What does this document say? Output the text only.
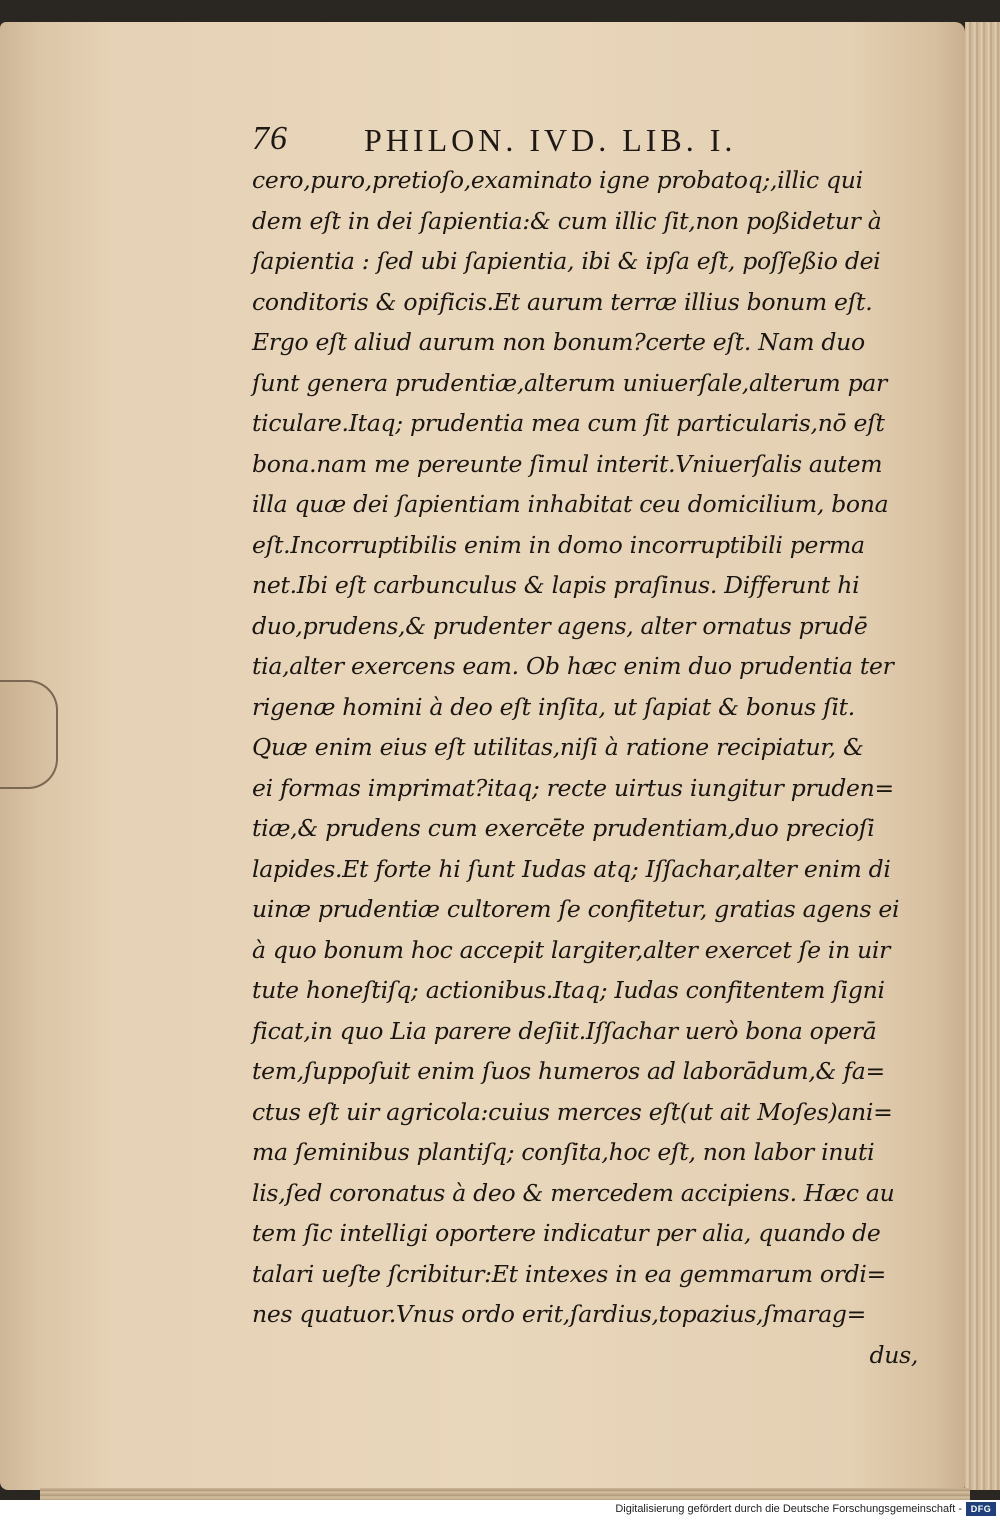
76 PHILON. IVD. LIB. I.
cero,puro,pretioſo,examinato igne probatoq;,illic qui
dem eſt in dei ſapientia:& cum illic ſit,non poßidetur à
ſapientia : ſed ubi ſapientia, ibi & ipſa eſt, poſſeßio dei
conditoris & opificis.Et aurum terræ illius bonum eſt.
Ergo eſt aliud aurum non bonum?certe eſt. Nam duo
ſunt genera prudentiæ,alterum uniuerſale,alterum par
ticulare.Itaq; prudentia mea cum ſit particularis,nō eſt
bona.nam me pereunte ſimul interit.Vniuerſalis autem
illa quæ dei ſapientiam inhabitat ceu domicilium, bona
eſt.Incorruptibilis enim in domo incorruptibili perma
net.Ibi eſt carbunculus & lapis praſinus. Differunt hi
duo,prudens,& prudenter agens, alter ornatus prudē
tia,alter exercens eam. Ob hæc enim duo prudentia ter
rigenæ homini à deo eſt inſita, ut ſapiat & bonus ſit.
Quæ enim eius eſt utilitas,niſi à ratione recipiatur, &
ei formas imprimat?itaq; recte uirtus iungitur pruden=
tiæ,& prudens cum exercēte prudentiam,duo precioſi
lapides.Et forte hi ſunt Iudas atq; Iſſachar,alter enim di
uinæ prudentiæ cultorem ſe confitetur, gratias agens ei
à quo bonum hoc accepit largiter,alter exercet ſe in uir
tute honeſtiſq; actionibus.Itaq; Iudas confitentem ſigni
ficat,in quo Lia parere deſiit.Iſſachar uerò bona operā
tem,ſuppoſuit enim ſuos humeros ad laborādum,& fa=
ctus eſt uir agricola:cuius merces eſt(ut ait Moſes)ani=
ma ſeminibus plantiſq; conſita,hoc eſt, non labor inuti
lis,ſed coronatus à deo & mercedem accipiens. Hæc au
tem ſic intelligi oportere indicatur per alia, quando de
talari ueſte ſcribitur:Et intexes in ea gemmarum ordi=
nes quatuor.Vnus ordo erit,ſardius,topazius,ſmarag=
dus,
Digitalisierung gefördert durch die Deutsche Forschungsgemeinschaft - DFG
